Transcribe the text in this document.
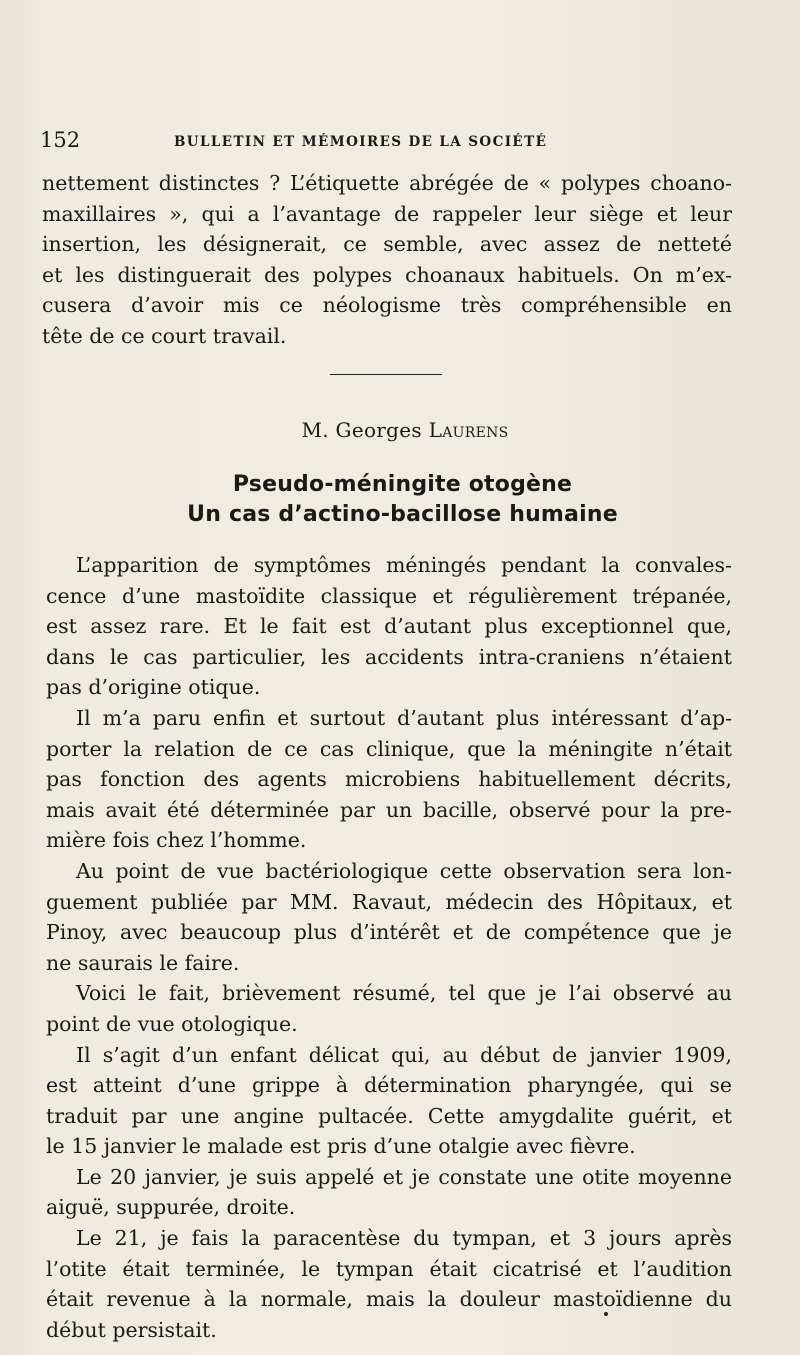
152	BULLETIN ET MÉMOIRES DE LA SOCIÉTÉ
nettement distinctes ? L’étiquette abrégée de « polypes choano-
maxillaires », qui a l’avantage de rappeler leur siège et leur
insertion, les désignerait, ce semble, avec assez de netteté
et les distinguerait des polypes choanaux habituels. On m’ex-
cusera d’avoir mis ce néologisme très compréhensible en
tête de ce court travail.
M. Georges Laurens
Pseudo-méningite otogène
Un cas d’actino-bacillose humaine
L’apparition de symptômes méningés pendant la convales-
cence d’une mastoïdite classique et régulièrement trépanée,
est assez rare. Et le fait est d’autant plus exceptionnel que,
dans le cas particulier, les accidents intra-craniens n’étaient
pas d’origine otique.
Il m’a paru enfin et surtout d’autant plus intéressant d’ap-
porter la relation de ce cas clinique, que la méningite n’était
pas fonction des agents microbiens habituellement décrits,
mais avait été déterminée par un bacille, observé pour la pre-
mière fois chez l’homme.
Au point de vue bactériologique cette observation sera lon-
guement publiée par MM. Ravaut, médecin des Hôpitaux, et
Pinoy, avec beaucoup plus d’intérêt et de compétence que je
ne saurais le faire.
Voici le fait, brièvement résumé, tel que je l’ai observé au
point de vue otologique.
Il s’agit d’un enfant délicat qui, au début de janvier 1909,
est atteint d’une grippe à détermination pharyngée, qui se
traduit par une angine pultacée. Cette amygdalite guérit, et
le 15 janvier le malade est pris d’une otalgie avec fièvre.
Le 20 janvier, je suis appelé et je constate une otite moyenne
aiguë, suppurée, droite.
Le 21, je fais la paracentèse du tympan, et 3 jours après
l’otite était terminée, le tympan était cicatrisé et l’audition
était revenue à la normale, mais la douleur mastoïdienne du
début persistait.
